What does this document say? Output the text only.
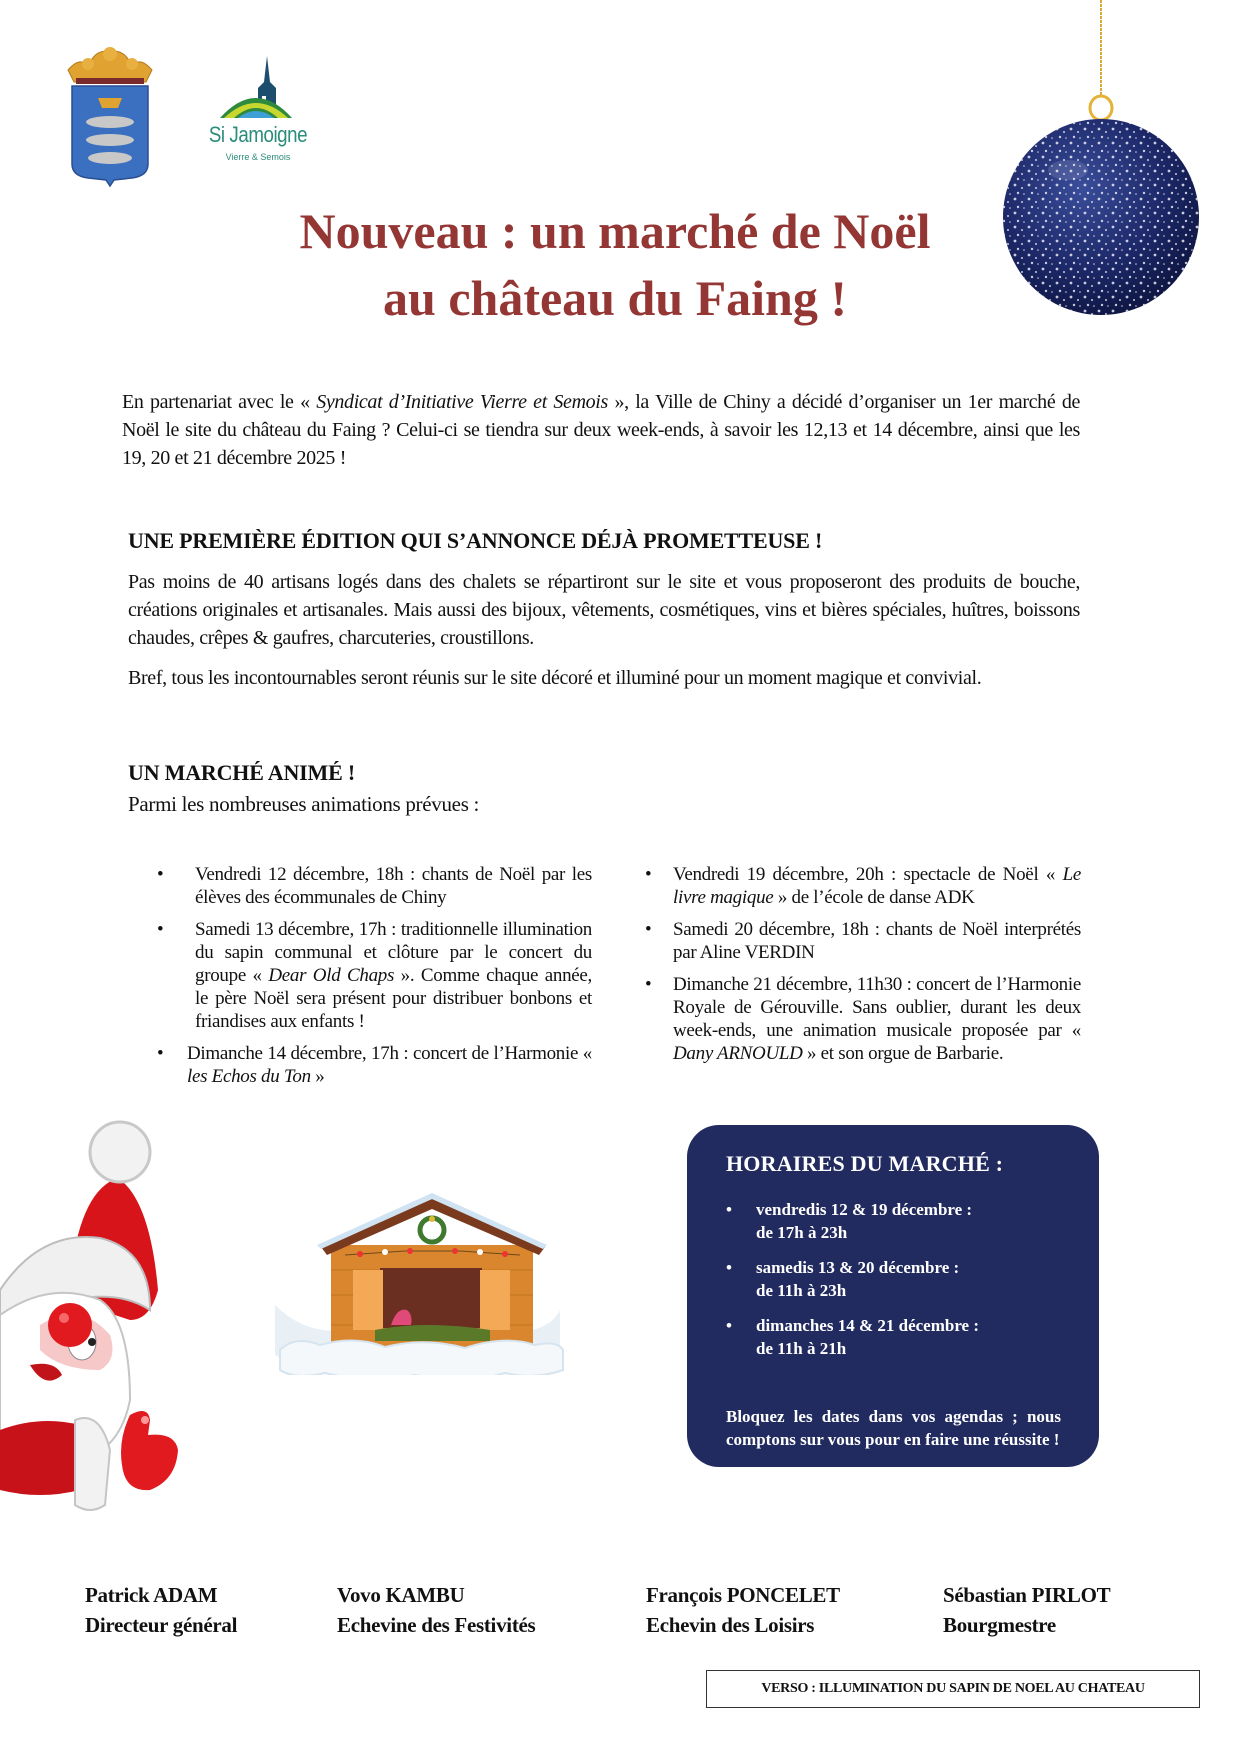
Si Jamoigne
Vierre & Semois
Nouveau : un marché de Noël
au château du Faing !

En partenariat avec le « Syndicat d’Initiative Vierre et Semois », la Ville de Chiny a décidé d’organiser un 1er marché de Noël le site du château du Faing ? Celui-ci se tiendra sur deux week-ends, à savoir les 12,13 et 14 décembre, ainsi que les 19, 20 et 21 décembre 2025 !

UNE PREMIÈRE ÉDITION QUI S’ANNONCE DÉJÀ PROMETTEUSE !

Pas moins de 40 artisans logés dans des chalets se répartiront sur le site et vous proposeront des produits de bouche, créations originales et artisanales. Mais aussi des bijoux, vêtements, cosmétiques, vins et bières spéciales, huîtres, boissons chaudes, crêpes & gaufres, charcuteries, croustillons.

Bref, tous les incontournables seront réunis sur le site décoré et illuminé pour un moment magique et convivial.

UN MARCHÉ ANIMÉ !
Parmi les nombreuses animations prévues :
• Vendredi 12 décembre, 18h : chants de Noël par les élèves des écommunales de Chiny
• Samedi 13 décembre, 17h : traditionnelle illumination du sapin communal et clôture par le concert du groupe « Dear Old Chaps ». Comme chaque année, le père Noël sera présent pour distribuer bonbons et friandises aux enfants !
• Dimanche 14 décembre, 17h : concert de l’Harmonie « les Echos du Ton »
• Vendredi 19 décembre, 20h : spectacle de Noël « Le livre magique » de l’école de danse ADK
• Samedi 20 décembre, 18h : chants de Noël interprétés par Aline VERDIN
• Dimanche 21 décembre, 11h30 : concert de l’Harmonie Royale de Gérouville. Sans oublier, durant les deux week-ends, une animation musicale proposée par « Dany ARNOULD » et son orgue de Barbarie.
HORAIRES DU MARCHÉ :
• vendredis 12 & 19 décembre :
de 17h à 23h
• samedis 13 & 20 décembre :
de 11h à 23h
• dimanches 14 & 21 décembre :
de 11h à 21h
Bloquez les dates dans vos agendas ; nous comptons sur vous pour en faire une réussite !
Patrick ADAM
Directeur général
Vovo KAMBU
Echevine des Festivités
François PONCELET
Echevin des Loisirs
Sébastian PIRLOT
Bourgmestre
VERSO : ILLUMINATION DU SAPIN DE NOEL AU CHATEAU
